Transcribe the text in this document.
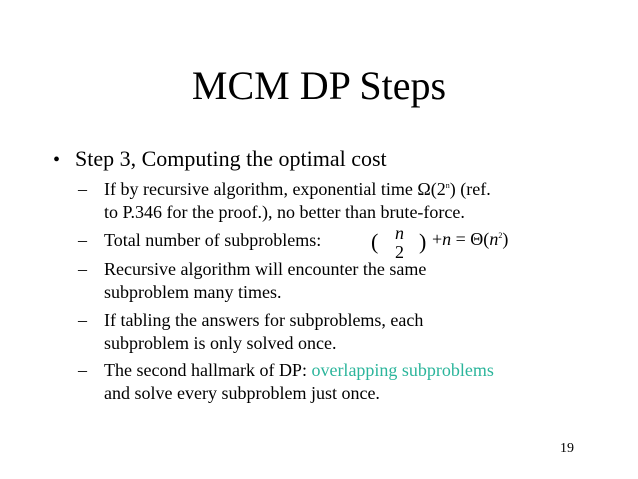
MCM DP Steps
• Step 3, Computing the optimal cost
– If by recursive algorithm, exponential time Ω(2$^n$) (ref.
to P.346 for the proof.), no better than brute-force.
– Total number of subproblems: ( n
2 ) $+n = \Theta(n^2)$
– Recursive algorithm will encounter the same
subproblem many times.
– If tabling the answers for subproblems, each
subproblem is only solved once.
– The second hallmark of DP: overlapping subproblems
and solve every subproblem just once.
19
